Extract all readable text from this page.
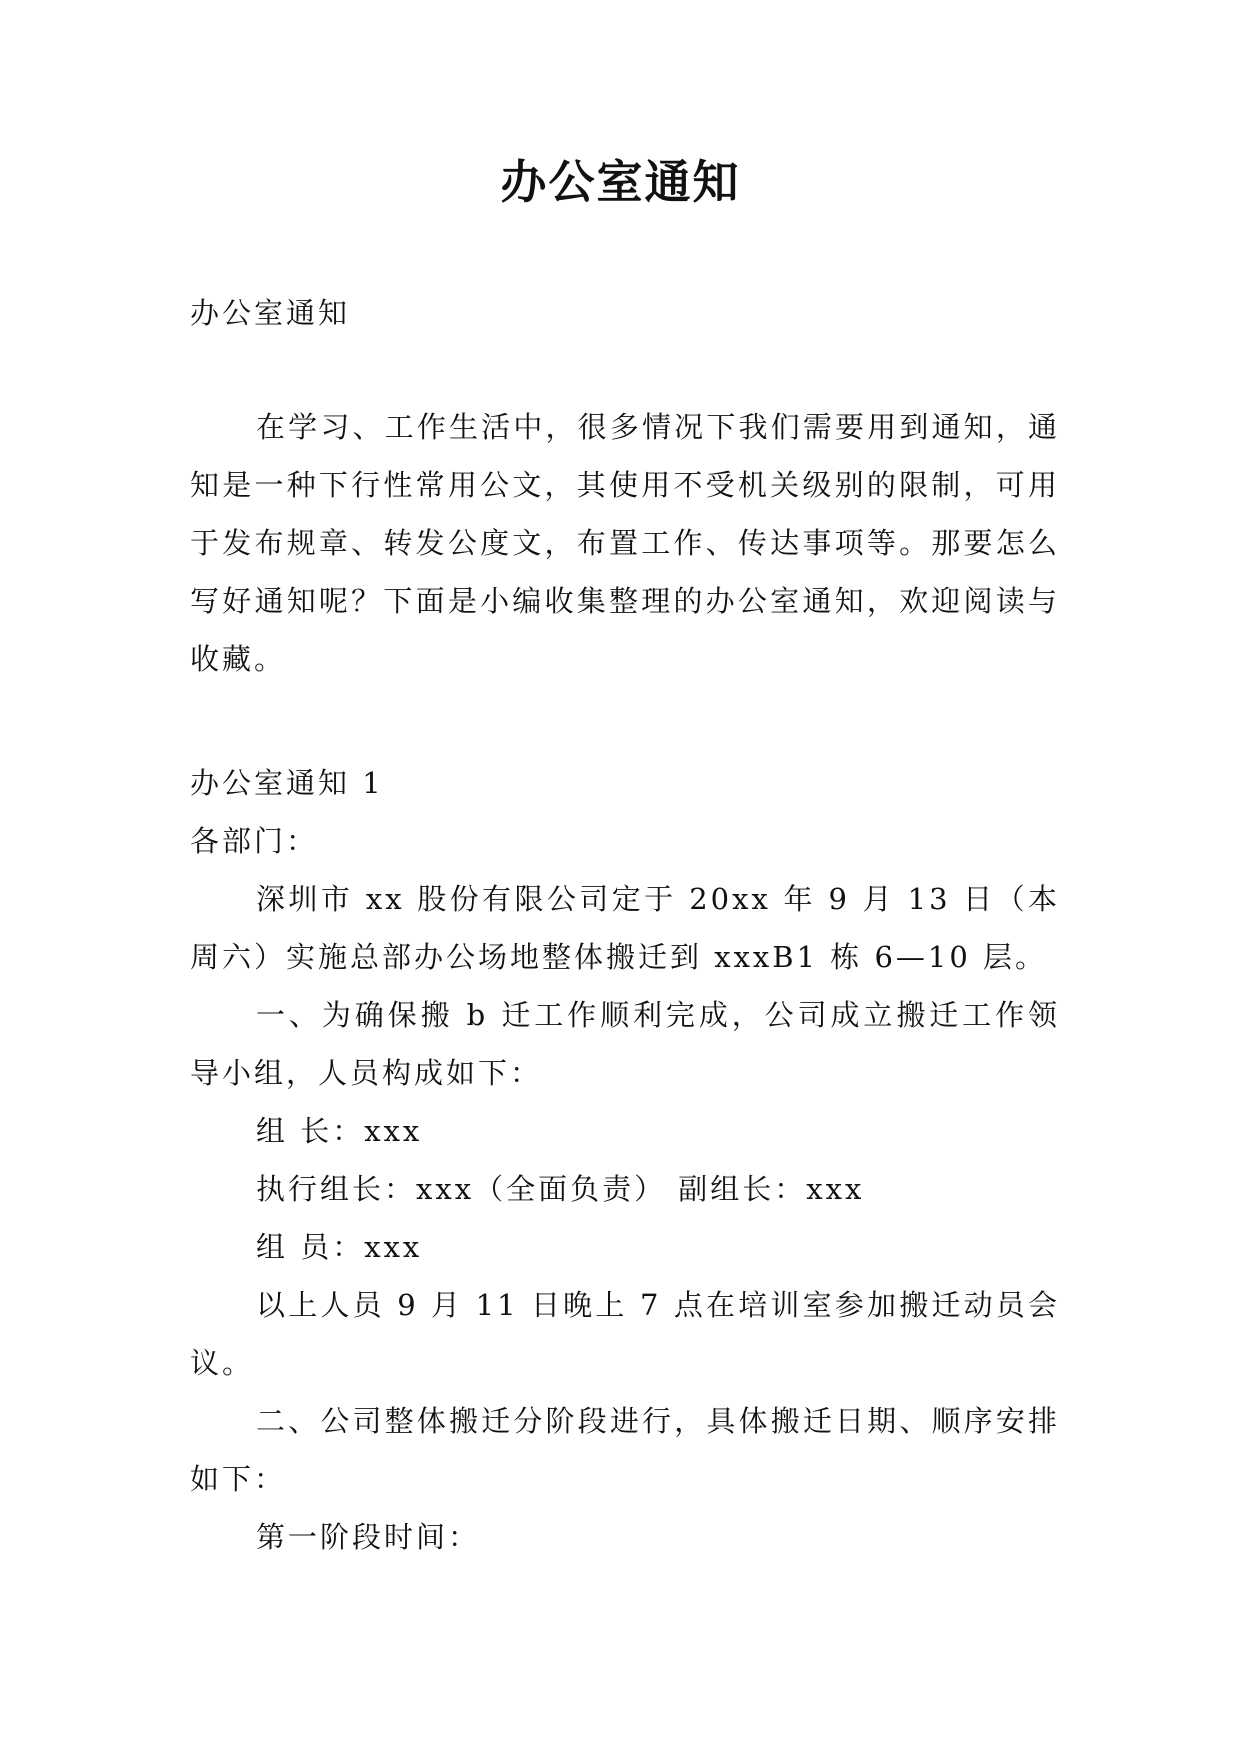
办公室通知

办公室通知

在学习、工作生活中，很多情况下我们需要用到通知，通知是一种下行性常用公文，其使用不受机关级别的限制，可用于发布规章、转发公度文，布置工作、传达事项等。那要怎么写好通知呢？下面是小编收集整理的办公室通知，欢迎阅读与收藏。

办公室通知 1

各部门：

深圳市 xx 股份有限公司定于 20xx 年 9 月 13 日（本周六）实施总部办公场地整体搬迁到 xxxB1 栋 6—10 层。

一、为确保搬 b 迁工作顺利完成，公司成立搬迁工作领导小组，人员构成如下：

组 长：xxx

执行组长：xxx（全面负责） 副组长：xxx

组 员：xxx

以上人员 9 月 11 日晚上 7 点在培训室参加搬迁动员会议。

二、公司整体搬迁分阶段进行，具体搬迁日期、顺序安排如下：

第一阶段时间：
